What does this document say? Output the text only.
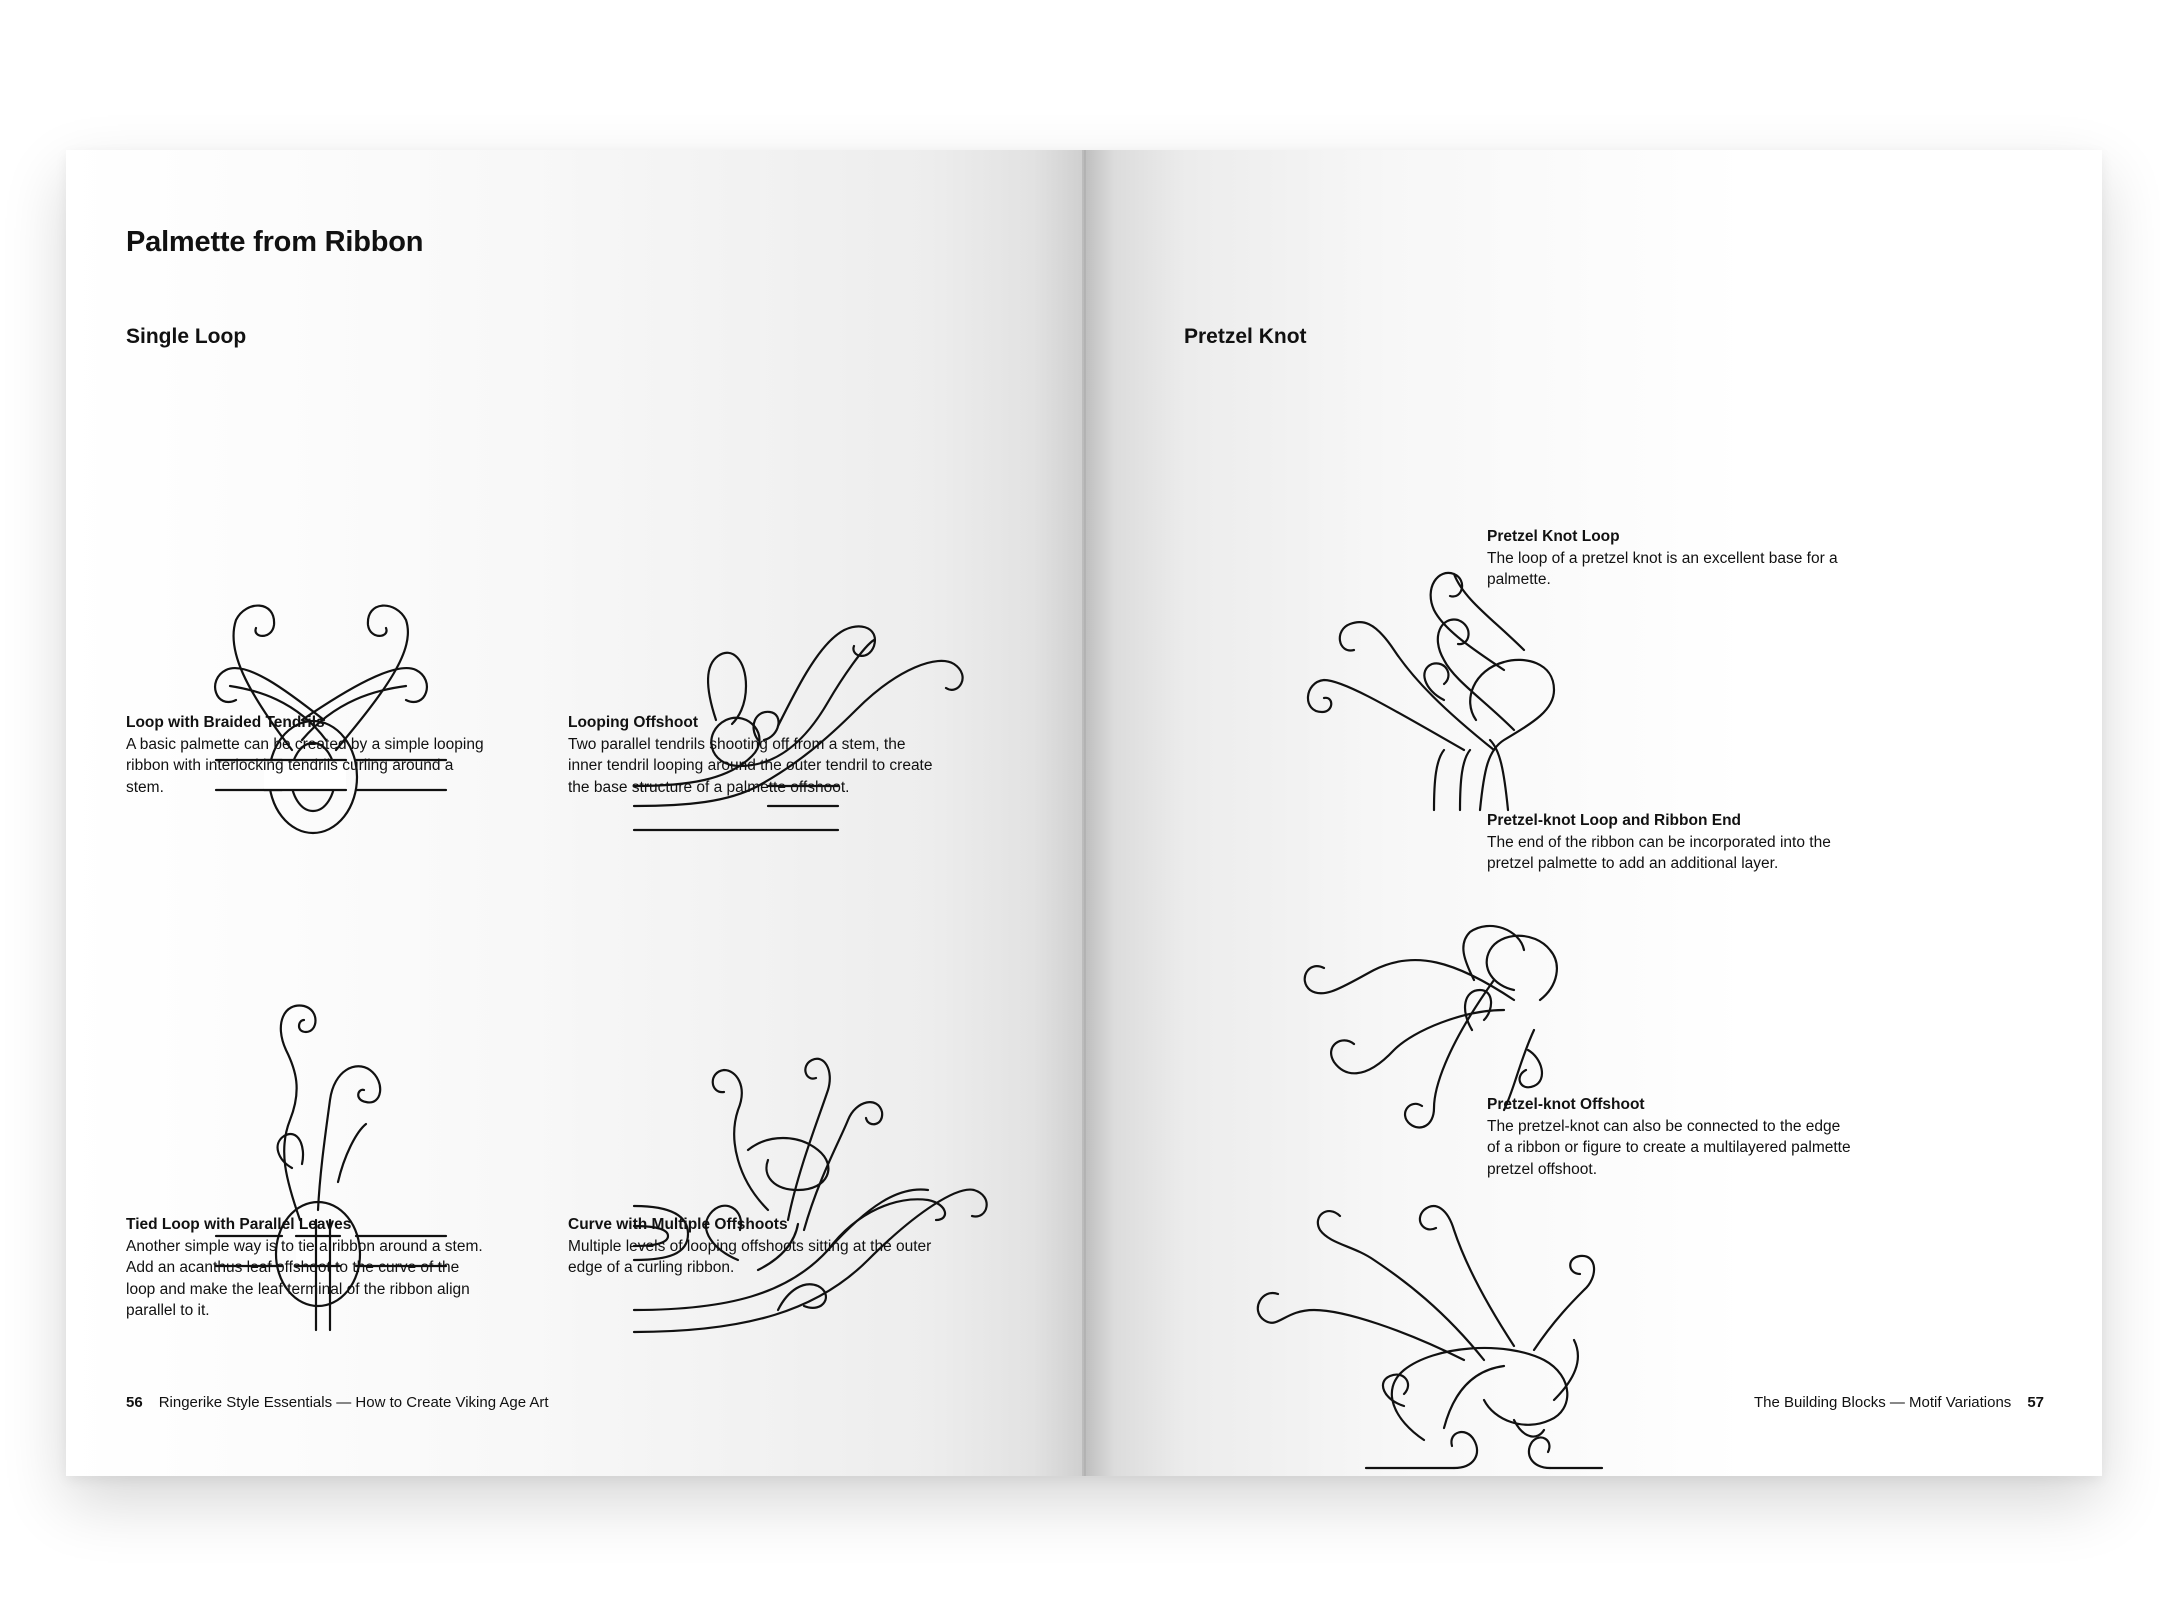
Palmette from Ribbon
Single Loop
Loop with Braided Tendrils
A basic palmette can be created by a simple looping ribbon with interlocking tendrils curling around a stem.
Looping Offshoot
Two parallel tendrils shooting off from a stem, the inner tendril looping around the outer tendril to create the base structure of a palmette offshoot.
Tied Loop with Parallel Leaves
Another simple way is to tie a ribbon around a stem. Add an acanthus leaf offshoot to the curve of the loop and make the leaf terminal of the ribbon align parallel to it.
Curve with Multiple Offshoots
Multiple levels of looping offshoots sitting at the outer edge of a curling ribbon.
56 Ringerike Style Essentials — How to Create Viking Age Art
Pretzel Knot
Pretzel Knot Loop
The loop of a pretzel knot is an excellent base for a palmette.
Pretzel-knot Loop and Ribbon End
The end of the ribbon can be incorporated into the pretzel palmette to add an additional layer.
Pretzel-knot Offshoot
The pretzel-knot can also be connected to the edge of a ribbon or figure to create a multilayered palmette pretzel offshoot.
The Building Blocks — Motif Variations 57
